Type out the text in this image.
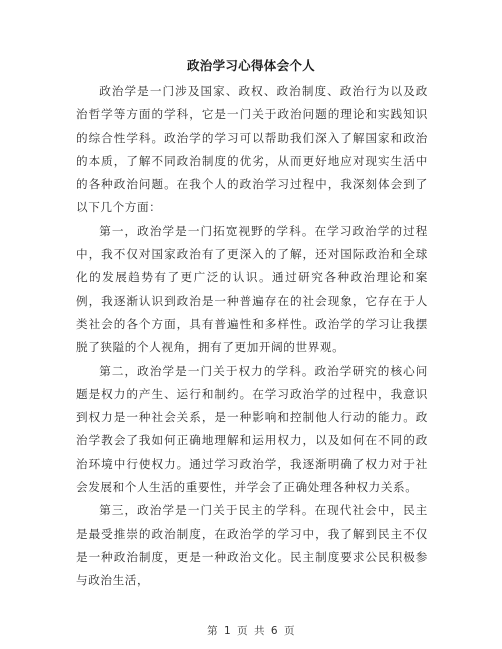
政治学习心得体会个人

政治学是一门涉及国家、政权、政治制度、政治行为以及政治哲学等方面的学科，它是一门关于政治问题的理论和实践知识的综合性学科。政治学的学习可以帮助我们深入了解国家和政治的本质，了解不同政治制度的优劣，从而更好地应对现实生活中的各种政治问题。在我个人的政治学习过程中，我深刻体会到了以下几个方面：

第一，政治学是一门拓宽视野的学科。在学习政治学的过程中，我不仅对国家政治有了更深入的了解，还对国际政治和全球化的发展趋势有了更广泛的认识。通过研究各种政治理论和案例，我逐渐认识到政治是一种普遍存在的社会现象，它存在于人类社会的各个方面，具有普遍性和多样性。政治学的学习让我摆脱了狭隘的个人视角，拥有了更加开阔的世界观。

第二，政治学是一门关于权力的学科。政治学研究的核心问题是权力的产生、运行和制约。在学习政治学的过程中，我意识到权力是一种社会关系，是一种影响和控制他人行动的能力。政治学教会了我如何正确地理解和运用权力，以及如何在不同的政治环境中行使权力。通过学习政治学，我逐渐明确了权力对于社会发展和个人生活的重要性，并学会了正确处理各种权力关系。

第三，政治学是一门关于民主的学科。在现代社会中，民主是最受推崇的政治制度，在政治学的学习中，我了解到民主不仅是一种政治制度，更是一种政治文化。民主制度要求公民积极参与政治生活，

第 1 页 共 6 页
